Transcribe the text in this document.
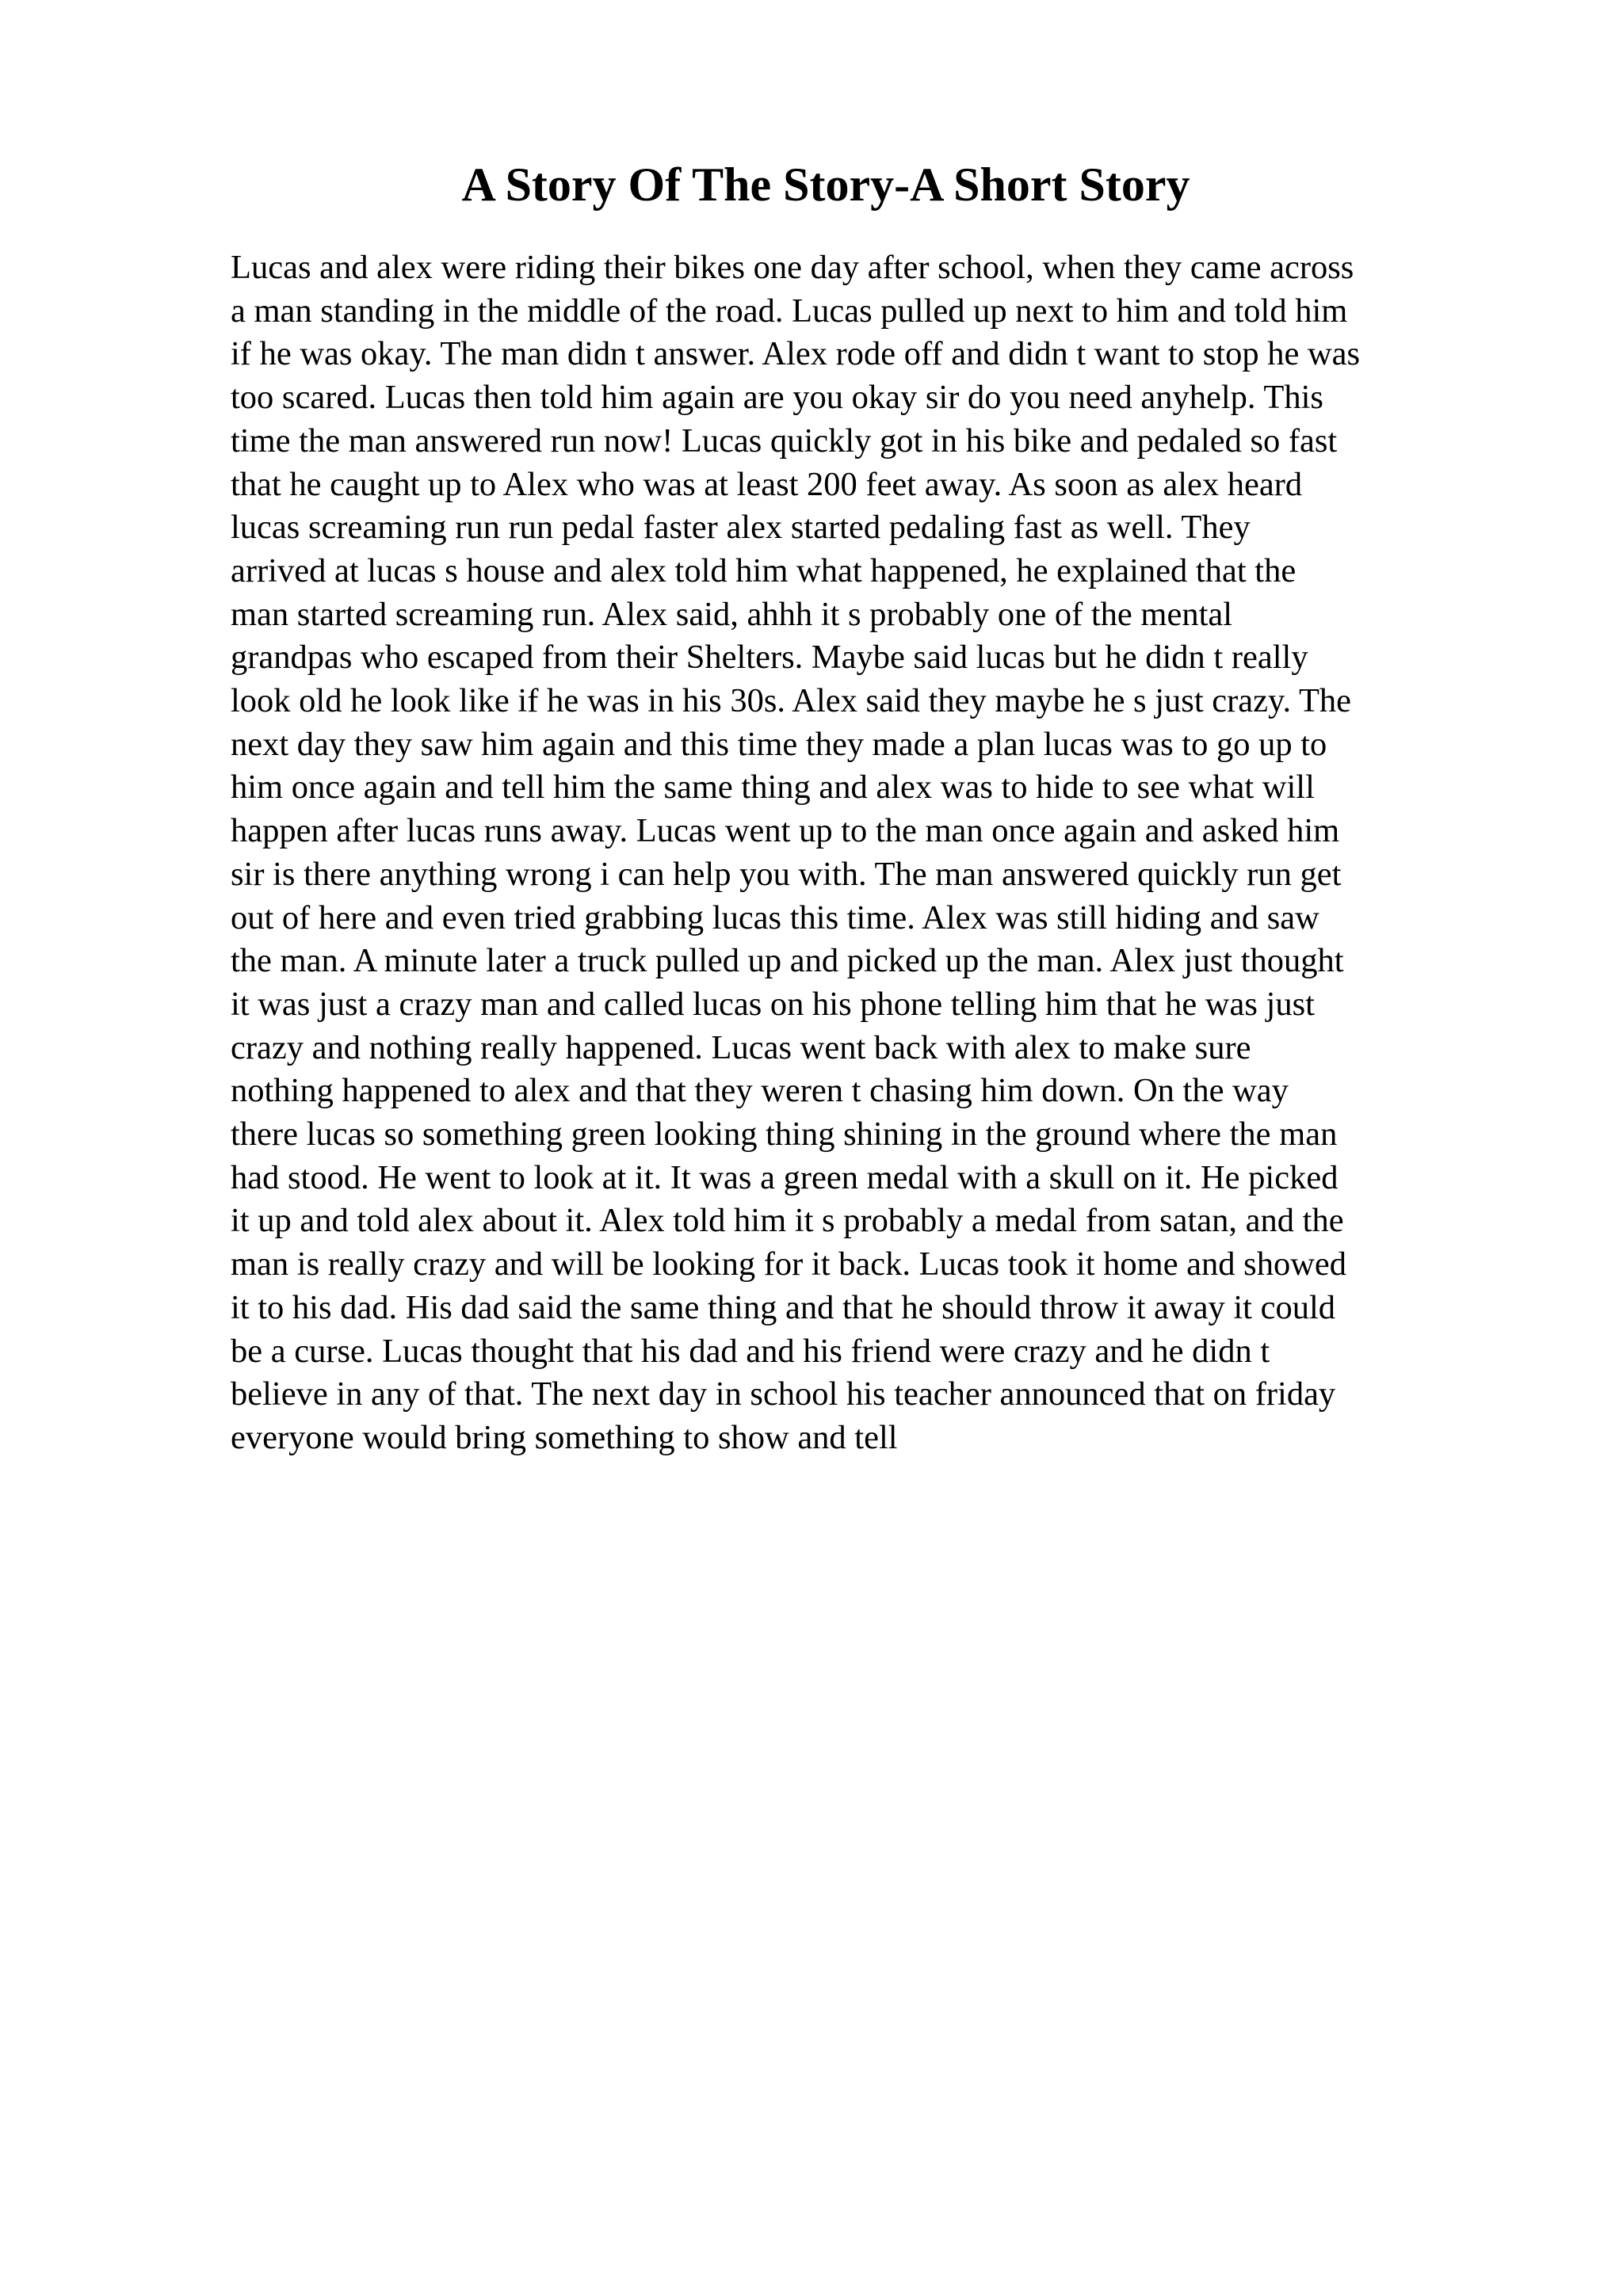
A Story Of The Story-A Short Story
Lucas and alex were riding their bikes one day after school, when they came across
a man standing in the middle of the road. Lucas pulled up next to him and told him
if he was okay. The man didn t answer. Alex rode off and didn t want to stop he was
too scared. Lucas then told him again are you okay sir do you need anyhelp. This
time the man answered run now! Lucas quickly got in his bike and pedaled so fast
that he caught up to Alex who was at least 200 feet away. As soon as alex heard
lucas screaming run run pedal faster alex started pedaling fast as well. They
arrived at lucas s house and alex told him what happened, he explained that the
man started screaming run. Alex said, ahhh it s probably one of the mental
grandpas who escaped from their Shelters. Maybe said lucas but he didn t really
look old he look like if he was in his 30s. Alex said they maybe he s just crazy. The
next day they saw him again and this time they made a plan lucas was to go up to
him once again and tell him the same thing and alex was to hide to see what will
happen after lucas runs away. Lucas went up to the man once again and asked him
sir is there anything wrong i can help you with. The man answered quickly run get
out of here and even tried grabbing lucas this time. Alex was still hiding and saw
the man. A minute later a truck pulled up and picked up the man. Alex just thought
it was just a crazy man and called lucas on his phone telling him that he was just
crazy and nothing really happened. Lucas went back with alex to make sure
nothing happened to alex and that they weren t chasing him down. On the way
there lucas so something green looking thing shining in the ground where the man
had stood. He went to look at it. It was a green medal with a skull on it. He picked
it up and told alex about it. Alex told him it s probably a medal from satan, and the
man is really crazy and will be looking for it back. Lucas took it home and showed
it to his dad. His dad said the same thing and that he should throw it away it could
be a curse. Lucas thought that his dad and his friend were crazy and he didn t
believe in any of that. The next day in school his teacher announced that on friday
everyone would bring something to show and tell
